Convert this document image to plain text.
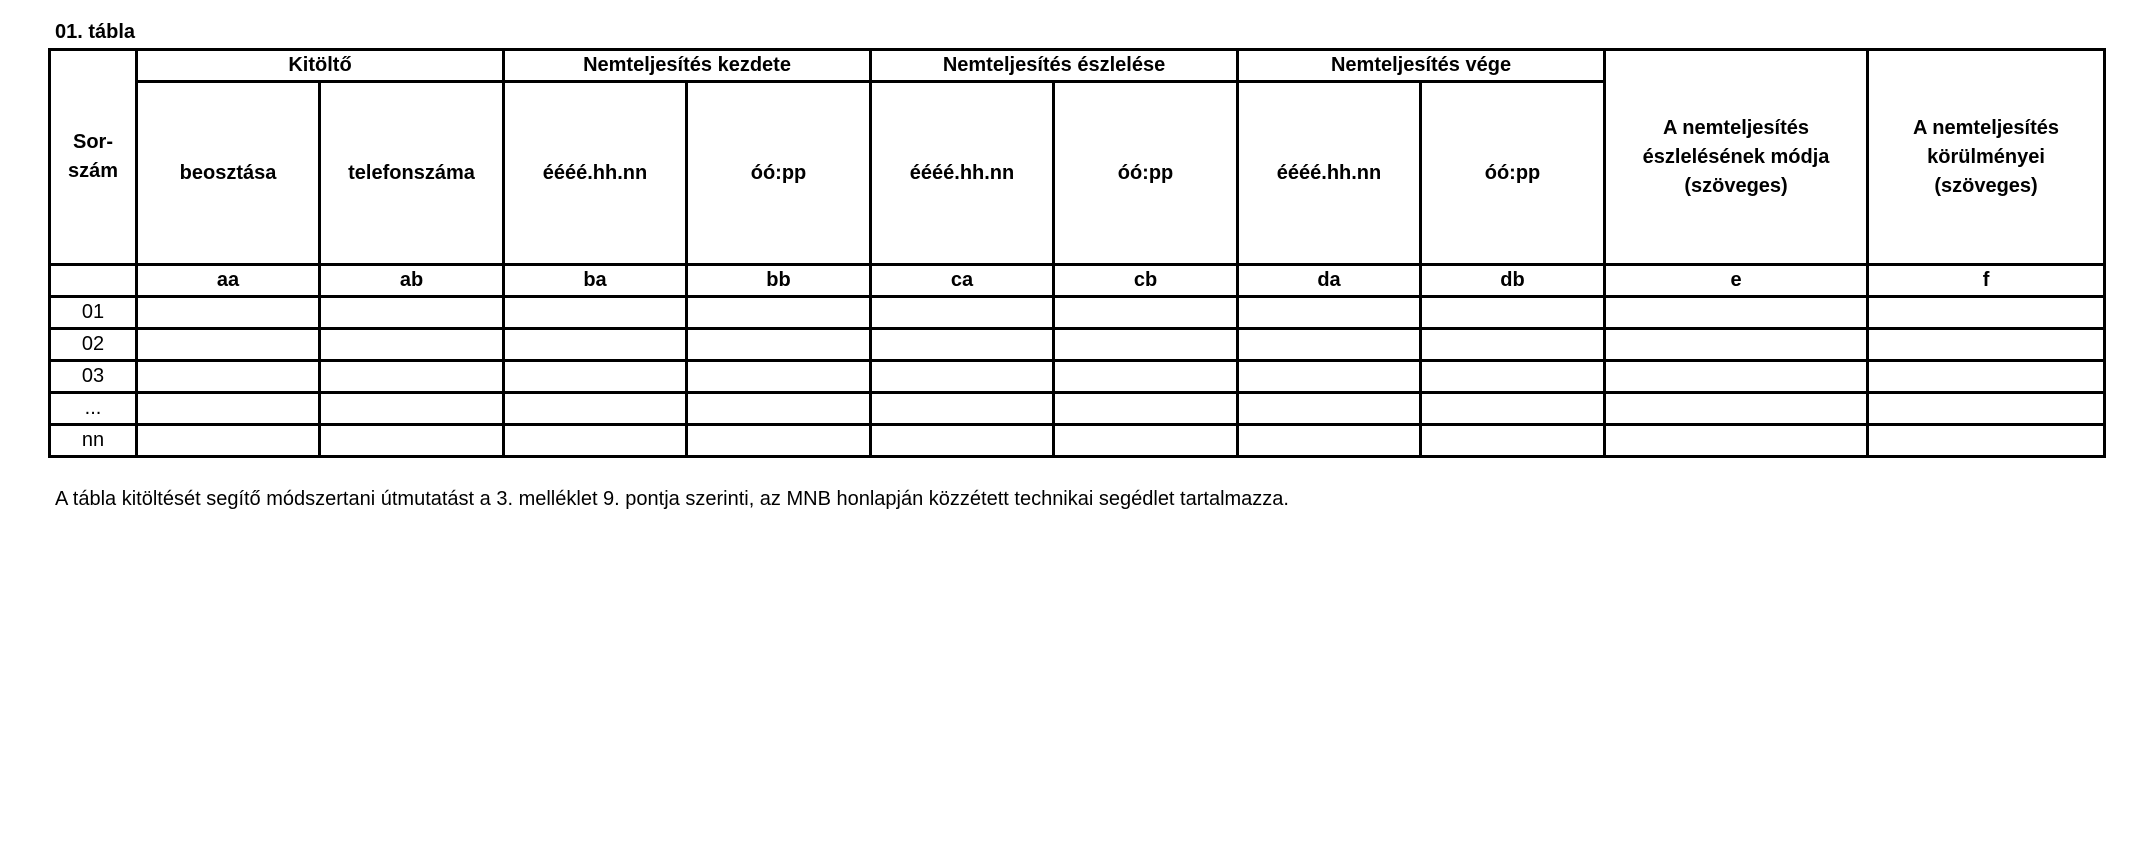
01. tábla
Sor-
szám	Kitöltő		Nemteljesítés kezdete		Nemteljesítés észlelése		Nemteljesítés vége		A nemteljesítés
észlelésének módja
(szöveges)	A nemteljesítés
körülményei
(szöveges)
	beosztása	telefonszáma	éééé.hh.nn	óó:pp	éééé.hh.nn	óó:pp	éééé.hh.nn	óó:pp		
	aa	ab	ba	bb	ca	cb	da	db	e	f
01										
02										
03										
...										
nn										
A tábla kitöltését segítő módszertani útmutatást a 3. melléklet 9. pontja szerinti, az MNB honlapján közzétett technikai segédlet tartalmazza.
